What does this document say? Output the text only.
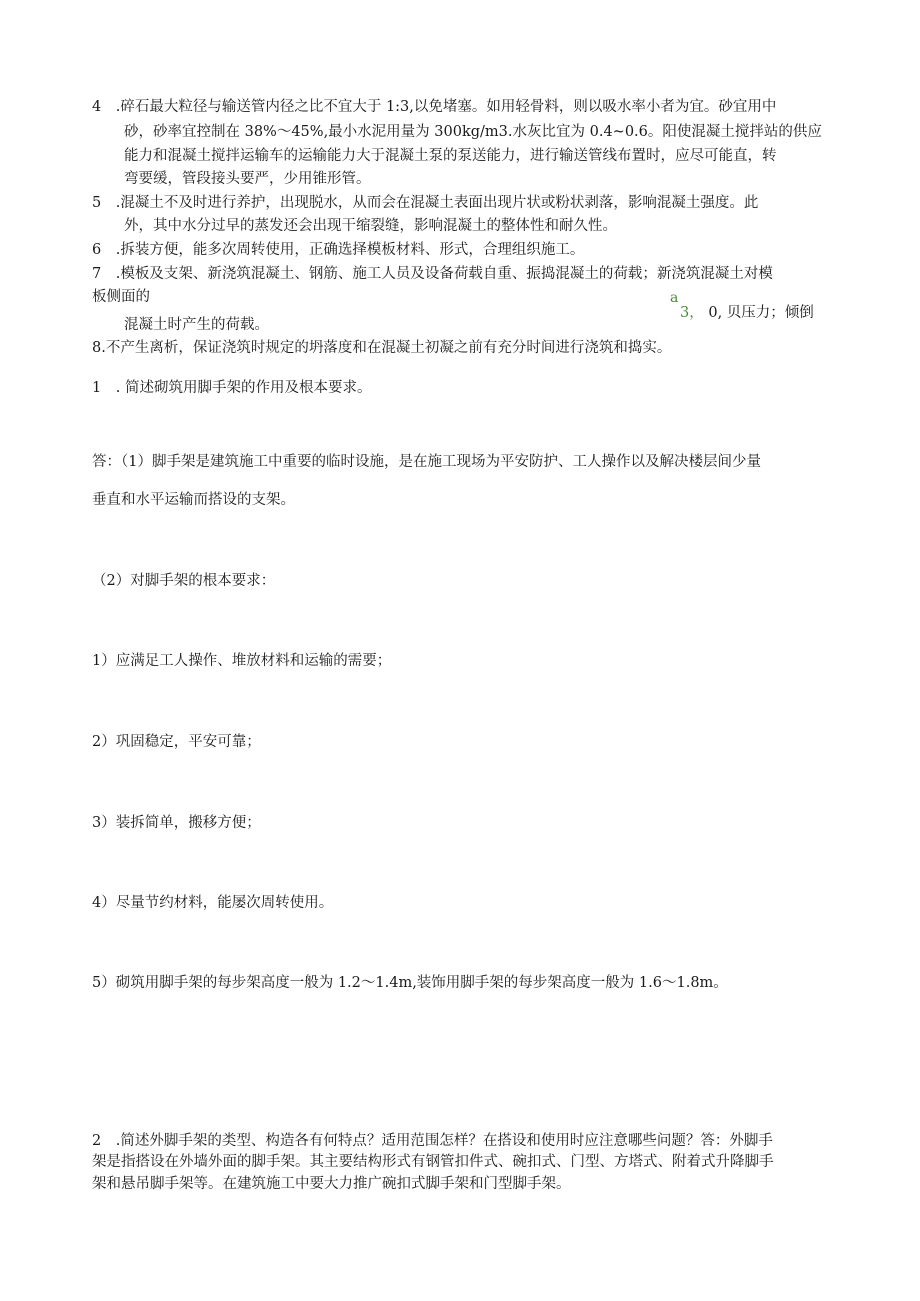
4　.碎石最大粒径与输送管内径之比不宜大于 1:3,以免堵塞。如用轻骨料，则以吸水率小者为宜。砂宜用中
砂，砂率宜控制在 38%～45%,最小水泥用量为 300kg/m3.水灰比宜为 0.4~0.6。阳使混凝土搅拌站的供应
能力和混凝土搅拌运输车的运输能力大于混凝土泵的泵送能力，进行输送管线布置时，应尽可能直，转
弯要缓，管段接头要严，少用锥形管。
5　.混凝土不及时进行养护，出现脱水，从而会在混凝土表面出现片状或粉状剥落，影响混凝土强度。此
外，其中水分过早的蒸发还会出现干缩裂缝，影响混凝土的整体性和耐久性。
6　.拆装方便，能多次周转使用，正确选择模板材料、形式，合理组织施工。
7　.模板及支架、新浇筑混凝土、钢筋、施工人员及设备荷载自重、振捣混凝土的荷载；新浇筑混凝土对模
板侧面的	a
3， 0, 贝压力；倾倒
混凝土时产生的荷载。
8.不产生离析，保证浇筑时规定的坍落度和在混凝土初凝之前有充分时间进行浇筑和捣实。
1　. 简述砌筑用脚手架的作用及根本要求。
答：（1）脚手架是建筑施工中重要的临时设施，是在施工现场为平安防护、工人操作以及解决楼层间少量
垂直和水平运输而搭设的支架。
（2）对脚手架的根本要求：
1）应满足工人操作、堆放材料和运输的需要；
2）巩固稳定，平安可靠；
3）装拆简单，搬移方便；
4）尽量节约材料，能屡次周转使用。
5）砌筑用脚手架的每步架高度一般为 1.2～1.4m,装饰用脚手架的每步架高度一般为 1.6～1.8m。
2　.简述外脚手架的类型、构造各有何特点？适用范围怎样？在搭设和使用时应注意哪些问题？答：外脚手
架是指搭设在外墙外面的脚手架。其主要结构形式有钢管扣件式、碗扣式、门型、方塔式、附着式升降脚手
架和悬吊脚手架等。在建筑施工中要大力推广碗扣式脚手架和门型脚手架。
